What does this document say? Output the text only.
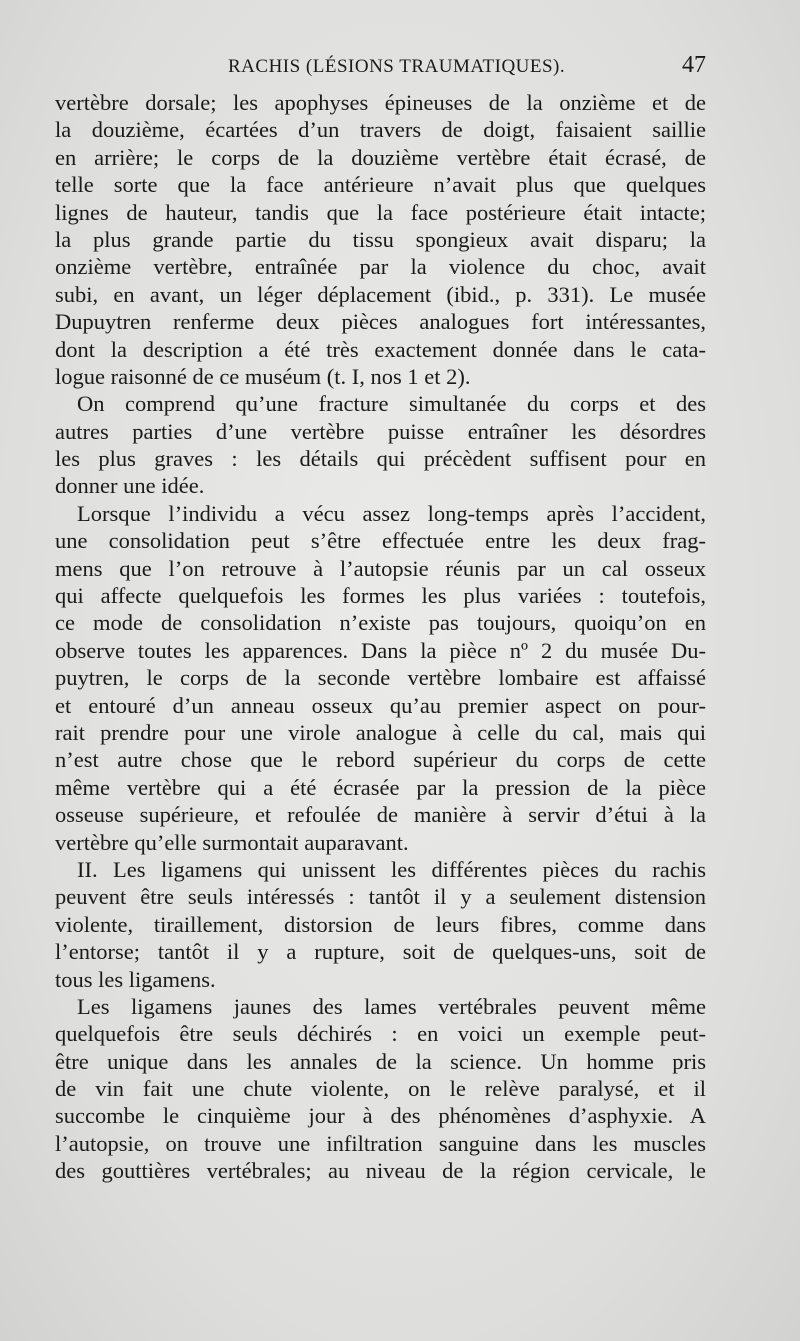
RACHIS (LÉSIONS TRAUMATIQUES).	47
vertèbre dorsale; les apophyses épineuses de la onzième et de
la douzième, écartées d’un travers de doigt, faisaient saillie
en arrière; le corps de la douzième vertèbre était écrasé, de
telle sorte que la face antérieure n’avait plus que quelques
lignes de hauteur, tandis que la face postérieure était intacte;
la plus grande partie du tissu spongieux avait disparu; la
onzième vertèbre, entraînée par la violence du choc, avait
subi, en avant, un léger déplacement (ibid., p. 331). Le musée
Dupuytren renferme deux pièces analogues fort intéressantes,
dont la description a été très exactement donnée dans le cata-
logue raisonné de ce muséum (t. I, nos 1 et 2).
On comprend qu’une fracture simultanée du corps et des
autres parties d’une vertèbre puisse entraîner les désordres
les plus graves : les détails qui précèdent suffisent pour en
donner une idée.
Lorsque l’individu a vécu assez long-temps après l’accident,
une consolidation peut s’être effectuée entre les deux frag-
mens que l’on retrouve à l’autopsie réunis par un cal osseux
qui affecte quelquefois les formes les plus variées : toutefois,
ce mode de consolidation n’existe pas toujours, quoiqu’on en
observe toutes les apparences. Dans la pièce nº 2 du musée Du-
puytren, le corps de la seconde vertèbre lombaire est affaissé
et entouré d’un anneau osseux qu’au premier aspect on pour-
rait prendre pour une virole analogue à celle du cal, mais qui
n’est autre chose que le rebord supérieur du corps de cette
même vertèbre qui a été écrasée par la pression de la pièce
osseuse supérieure, et refoulée de manière à servir d’étui à la
vertèbre qu’elle surmontait auparavant.
II. Les ligamens qui unissent les différentes pièces du rachis
peuvent être seuls intéressés : tantôt il y a seulement distension
violente, tiraillement, distorsion de leurs fibres, comme dans
l’entorse; tantôt il y a rupture, soit de quelques-uns, soit de
tous les ligamens.
Les ligamens jaunes des lames vertébrales peuvent même
quelquefois être seuls déchirés : en voici un exemple peut-
être unique dans les annales de la science. Un homme pris
de vin fait une chute violente, on le relève paralysé, et il
succombe le cinquième jour à des phénomènes d’asphyxie. A
l’autopsie, on trouve une infiltration sanguine dans les muscles
des gouttières vertébrales; au niveau de la région cervicale, le
